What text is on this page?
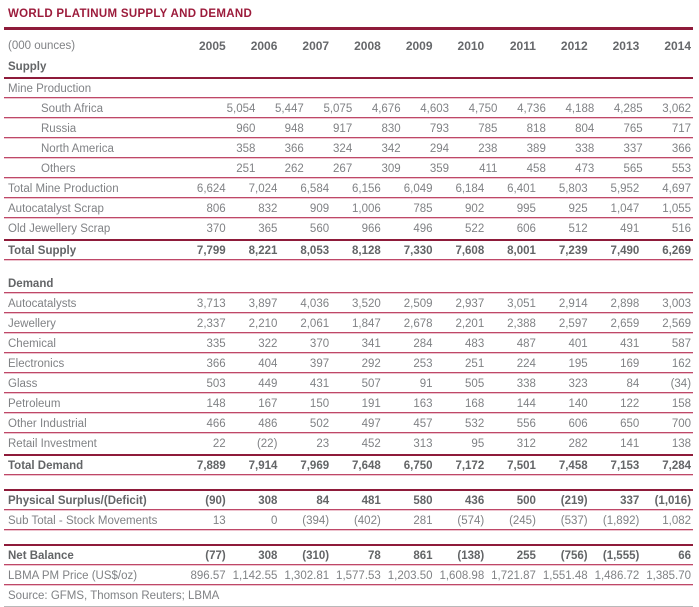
WORLD PLATINUM SUPPLY AND DEMAND
(000 ounces)	2005	2006	2007	2008	2009	2010	2011	2012	2013	2014
Supply
Mine Production
South Africa	5,054	5,447	5,075	4,676	4,603	4,750	4,736	4,188	4,285	3,062
Russia	960	948	917	830	793	785	818	804	765	717
North America	358	366	324	342	294	238	389	338	337	366
Others	251	262	267	309	359	411	458	473	565	553
Total Mine Production	6,624	7,024	6,584	6,156	6,049	6,184	6,401	5,803	5,952	4,697
Autocatalyst Scrap	806	832	909	1,006	785	902	995	925	1,047	1,055
Old Jewellery Scrap	370	365	560	966	496	522	606	512	491	516
Total Supply	7,799	8,221	8,053	8,128	7,330	7,608	8,001	7,239	7,490	6,269
Demand
Autocatalysts	3,713	3,897	4,036	3,520	2,509	2,937	3,051	2,914	2,898	3,003
Jewellery	2,337	2,210	2,061	1,847	2,678	2,201	2,388	2,597	2,659	2,569
Chemical	335	322	370	341	284	483	487	401	431	587
Electronics	366	404	397	292	253	251	224	195	169	162
Glass	503	449	431	507	91	505	338	323	84	(34)
Petroleum	148	167	150	191	163	168	144	140	122	158
Other Industrial	466	486	502	497	457	532	556	606	650	700
Retail Investment	22	(22)	23	452	313	95	312	282	141	138
Total Demand	7,889	7,914	7,969	7,648	6,750	7,172	7,501	7,458	7,153	7,284
Physical Surplus/(Deficit)	(90)	308	84	481	580	436	500	(219)	337	(1,016)
Sub Total - Stock Movements	13	0	(394)	(402)	281	(574)	(245)	(537)	(1,892)	1,082
Net Balance	(77)	308	(310)	78	861	(138)	255	(756)	(1,555)	66
LBMA PM Price (US$/oz)	896.57 1,142.55 1,302.81 1,577.53 1,203.50 1,608.98 1,721.87 1,551.48 1,486.72 1,385.70
Source: GFMS, Thomson Reuters; LBMA
